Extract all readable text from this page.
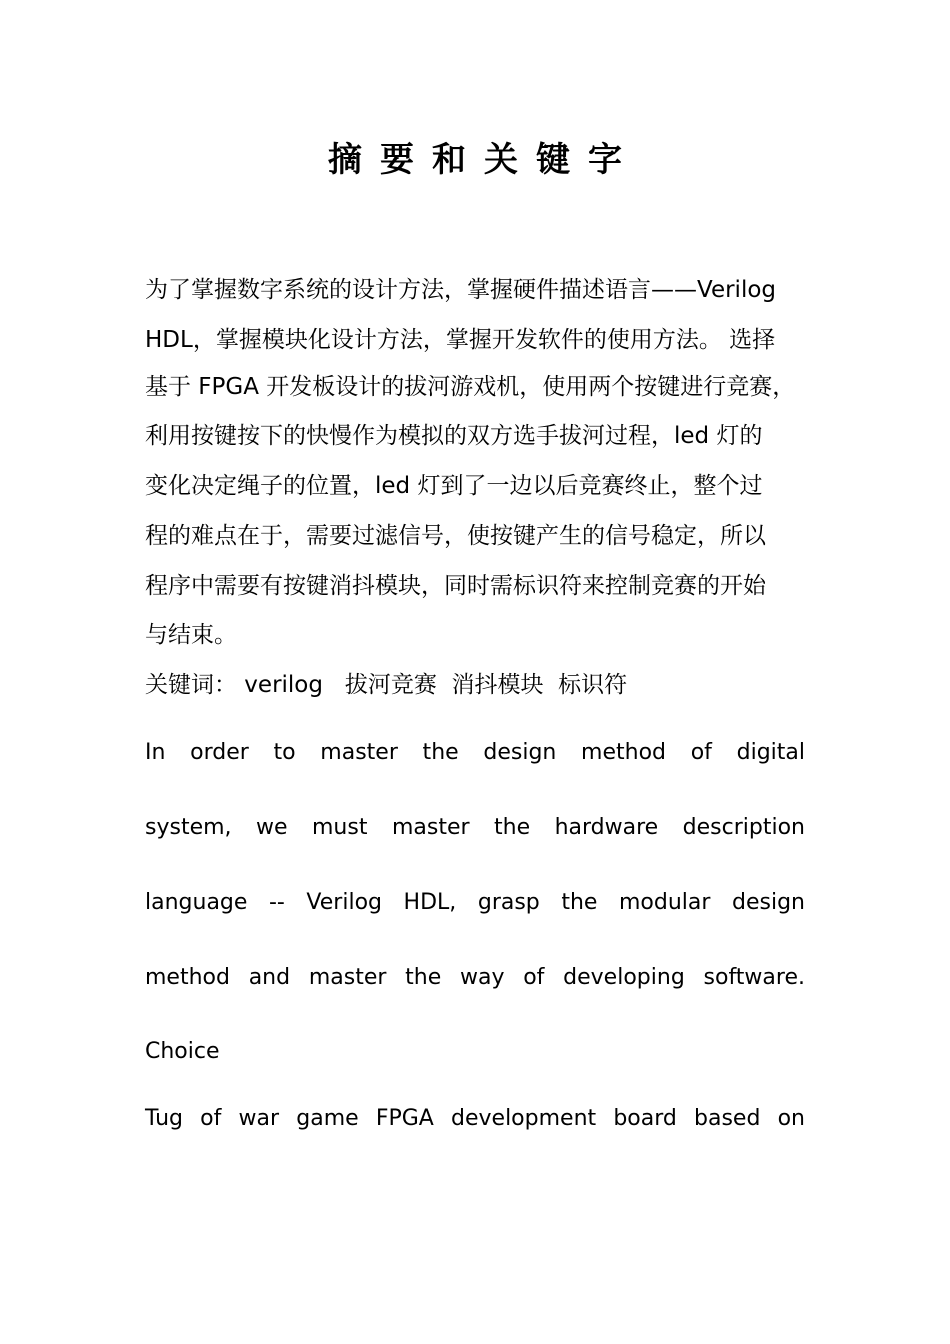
摘要和关键字
为了掌握数字系统的设计方法，掌握硬件描述语言——Verilog
HDL，掌握模块化设计方法，掌握开发软件的使用方法。 选择
基于 FPGA 开发板设计的拔河游戏机，使用两个按键进行竞赛，
利用按键按下的快慢作为模拟的双方选手拔河过程，led 灯的
变化决定绳子的位置，led 灯到了一边以后竞赛终止，整个过
程的难点在于，需要过滤信号，使按键产生的信号稳定，所以
程序中需要有按键消抖模块，同时需标识符来控制竞赛的开始
与结束。
关键词： verilog   拔河竞赛  消抖模块  标识符
In order to master the design method of digital
system, we must master the hardware description
language -- Verilog HDL, grasp the modular design
method and master the way of developing software.
Choice
Tug of war game FPGA development board based on
